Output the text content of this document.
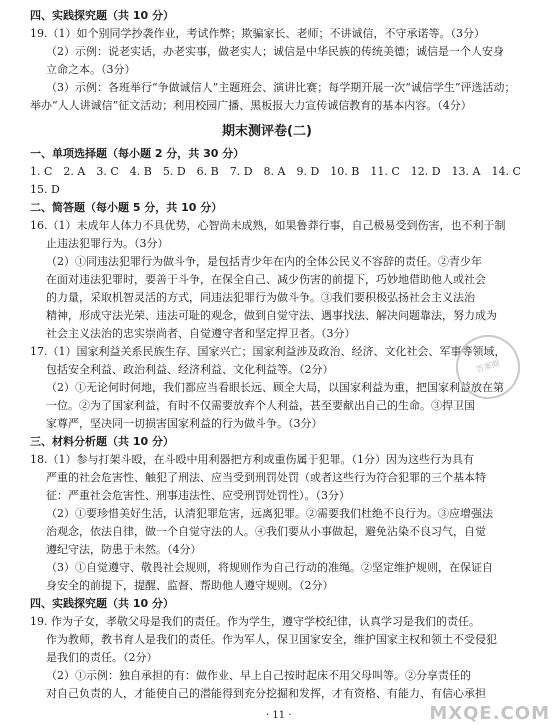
四、实践探究题（共 10 分）
19.（1）如个别同学抄袭作业，考试作弊；欺骗家长、老师；不讲诚信，不守承诺等。（3分）
（2）示例：说老实话，办老实事，做老实人；诚信是中华民族的传统美德；诚信是一个人安身
立命之本。（3分）
（3）示例：各班举行“争做诚信人”主题班会、演讲比赛；每学期开展一次“诚信学生”评选活动；
举办“人人讲诚信”征文活动；利用校园广播、黑板报大力宣传诚信教育的基本内容。（4分）
期末测评卷(二)
一、单项选择题（每小题 2 分，共 30 分）
1. C　2. A　3. C　4. B　5. D　6. B　7. D　8. A　9. D　10. B　11. C　12. D　13. A　14. C
15. D
二、简答题（每小题 5 分，共 10 分）
16.（1）未成年人体力不具优势，心智尚未成熟，如果鲁莽行事，自己极易受到伤害，也不利于制
止违法犯罪行为。（3分）
（2）①同违法犯罪行为做斗争，是包括青少年在内的全体公民义不容辞的责任。②青少年
在面对违法犯罪时，要善于斗争，在保全自己、减少伤害的前提下，巧妙地借助他人或社会
的力量，采取机智灵活的方式，同违法犯罪行为做斗争。③我们要积极弘扬社会主义法治
精神，形成守法光荣、违法可耻的观念，做到自觉守法、遇事找法、解决问题靠法，努力成为
社会主义法治的忠实崇尚者、自觉遵守者和坚定捍卫者。（3分）
17.（1）国家利益关系民族生存、国家兴亡；国家利益涉及政治、经济、文化社会、军事等领域，
包括安全利益、政治利益、经济利益、文化利益等。（2分）
（2）①无论何时何地，我们都应当看眼长远、顾全大局，以国家利益为重，把国家利益放在第
一位。②为了国家利益，有时不仅需要放弃个人利益，甚至要献出自己的生命。③捍卫国
家尊严，坚决同一切损害国家利益的行为做斗争。（3分）
三、材料分析题（共 10 分）
18.（1）参与打架斗殴，在斗殴中用利器把方利或重伤属于犯罪。（1分）因为这些行为具有
严重的社会危害性、触犯了刑法、应当受到刑罚处罚（或者这些行为符合犯罪的三个基本特
征：严重社会危害性、刑事违法性、应受刑罚处罚性）。（3分）
（2）①要珍惜美好生活，认清犯罪危害，远离犯罪。②需要我们杜绝不良行为。③应增强法
治观念，依法自律，做一个自觉守法的人。④我们要从小事做起，避免沾染不良习气，自觉
遵纪守法，防患于未然。（4分）
（3）①自觉遵守、敬畏社会规则，将规则作为自己行动的准绳。②坚定维护规则，在保证自
身安全的前提下，提醒、监督、帮助他人遵守规则。（2分）
四、实践探究题（共 10 分）
19. 作为子女，孝敬父母是我们的责任。作为学生，遵守学校纪律，认真学习是我们的责任。
作为教师，教书育人是我们的责任。作为军人，保卫国家安全，维护国家主权和领土不受侵犯
是我们的责任。（2分）
（2）①示例：独自承担的有：做作业、早上自己按时起床不用父母叫等。②分享责任的
对自己负责的人，才能使自己的潜能得到充分挖掘和发挥，才有资格、有能力、有信心承担
· 11 ·
答案圈
MXQE.COM
